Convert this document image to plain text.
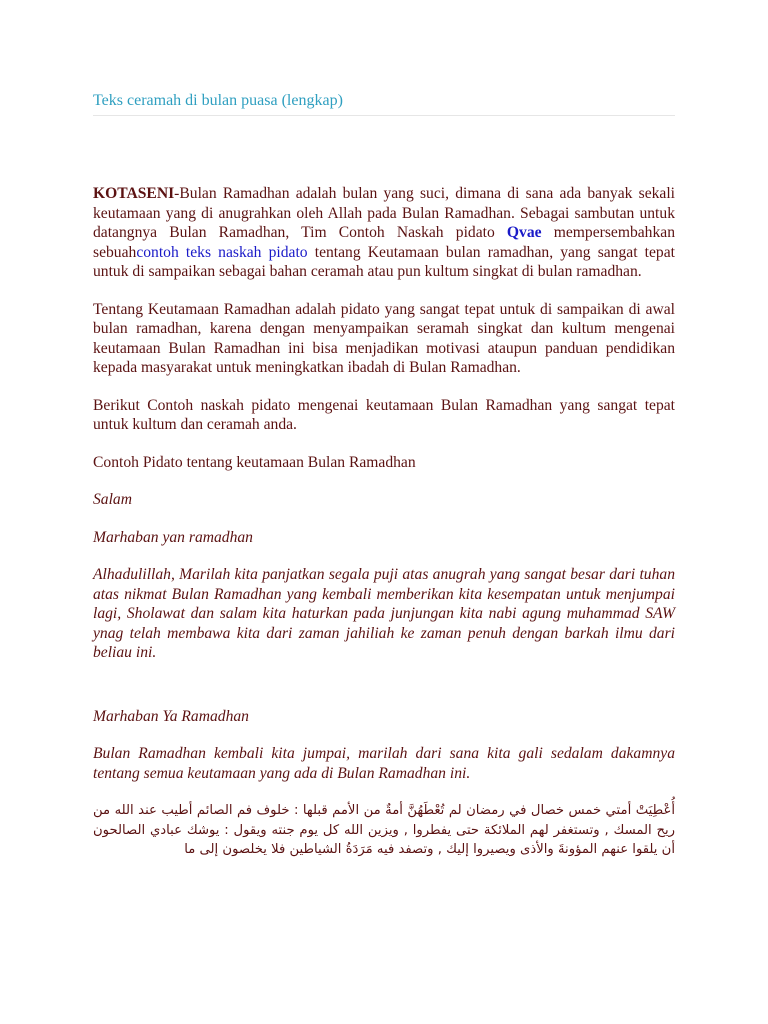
Teks ceramah di bulan puasa (lengkap)

KOTASENI-Bulan Ramadhan adalah bulan yang suci, dimana di sana ada banyak sekali keutamaan yang di anugrahkan oleh Allah pada Bulan Ramadhan. Sebagai sambutan untuk datangnya Bulan Ramadhan, Tim Contoh Naskah pidato Qvae mempersembahkan sebuahcontoh teks naskah pidato tentang Keutamaan bulan ramadhan, yang sangat tepat untuk di sampaikan sebagai bahan ceramah atau pun kultum singkat di bulan ramadhan.

Tentang Keutamaan Ramadhan adalah pidato yang sangat tepat untuk di sampaikan di awal bulan ramadhan, karena dengan menyampaikan seramah singkat dan kultum mengenai keutamaan Bulan Ramadhan ini bisa menjadikan motivasi ataupun panduan pendidikan kepada masyarakat untuk meningkatkan ibadah di Bulan Ramadhan.

Berikut Contoh naskah pidato mengenai keutamaan Bulan Ramadhan yang sangat tepat untuk kultum dan ceramah anda.

Contoh Pidato tentang keutamaan Bulan Ramadhan

Salam

Marhaban yan ramadhan

Alhadulillah, Marilah kita panjatkan segala puji atas anugrah yang sangat besar dari tuhan atas nikmat Bulan Ramadhan yang kembali memberikan kita kesempatan untuk menjumpai lagi, Sholawat dan salam kita haturkan pada junjungan kita nabi agung muhammad SAW ynag telah membawa kita dari zaman jahiliah ke zaman penuh dengan barkah ilmu dari beliau ini.

Marhaban Ya Ramadhan

Bulan Ramadhan kembali kita jumpai, marilah dari sana kita gali sedalam dakamnya tentang semua keutamaan yang ada di Bulan Ramadhan ini.

أُعْطِيَتْ أمتي خمس خصال في رمضان لم تُعْطَهُنَّ أمةٌ من الأمم قبلها : خلوف فم الصائم أطيب عند الله من ريح المسك , وتستغفر لهم الملائكة حتى يفطروا , ويزين الله كل يوم جنته ويقول : يوشك عبادي الصالحون أن يلقوا عنهم المؤونةَ والأذى ويصيروا إليك , وتصفد فيه مَرَدَةُ الشياطين فلا يخلصون إلى ما
